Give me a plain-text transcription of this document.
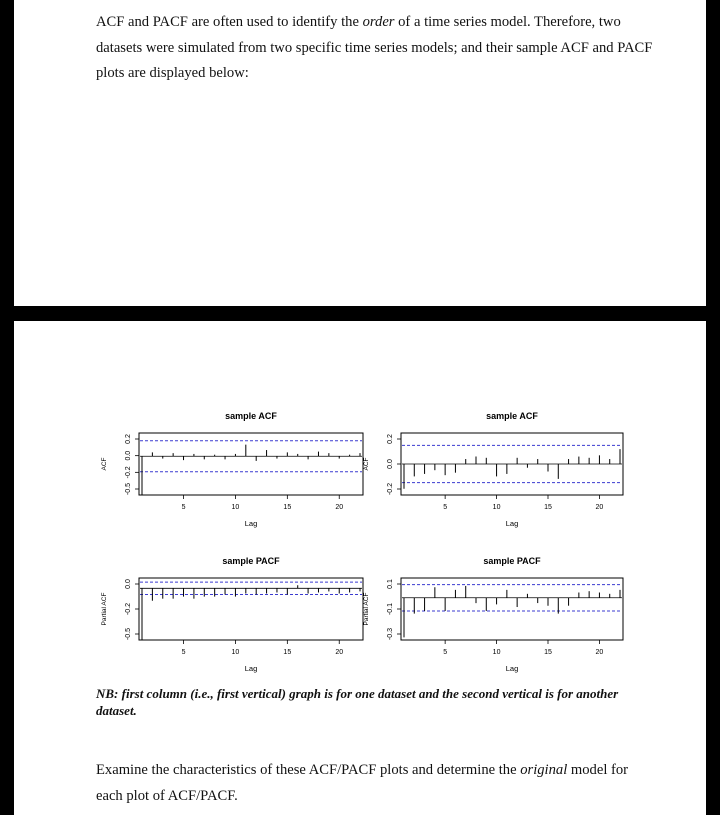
ACF and PACF are often used to identify the order of a time series model. Therefore, two datasets were simulated from two specific time series models; and their sample ACF and PACF plots are displayed below:

sample ACF
5	10	15	20
Lag
-0.5
-0.2
0.0
0.2
ACF
sample ACF
5	10	15	20
Lag
-0.2
0.0
0.2
ACF
sample PACF
5	10	15	20
Lag
-0.5
-0.2
0.0
Partial ACF
sample PACF
5	10	15	20
Lag
-0.3
-0.1
0.1
Partial ACF
NB: first column (i.e., first vertical) graph is for one dataset and the second vertical is for another dataset.

Examine the characteristics of these ACF/PACF plots and determine the original model for each plot of ACF/PACF.
